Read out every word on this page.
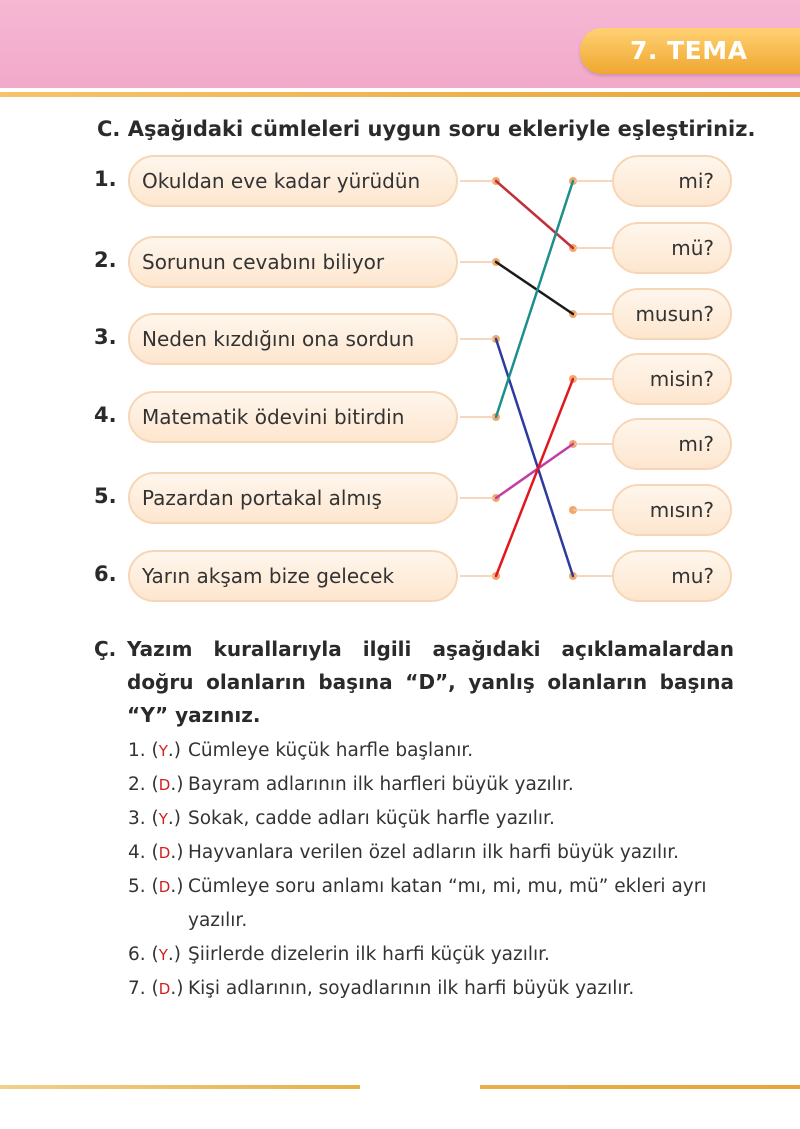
7. TEMA
C. Aşağıdaki cümleleri uygun soru ekleriyle eşleştiriniz.
1.	Okuldan eve kadar yürüdün
2.	Sorunun cevabını biliyor
3.	Neden kızdığını ona sordun
4.	Matematik ödevini bitirdin
5.	Pazardan portakal almış
6.	Yarın akşam bize gelecek
mi?
mü?
musun?
misin?
mı?
mısın?
mu?
Ç. Yazım kurallarıyla ilgili aşağıdaki açıklamalardan doğru olanların başına “D”, yanlış olanların başına “Y” yazınız.
1. (Y.) Cümleye küçük harfle başlanır.
2. (D.) Bayram adlarının ilk harfleri büyük yazılır.
3. (Y.) Sokak, cadde adları küçük harfle yazılır.
4. (D.) Hayvanlara verilen özel adların ilk harfi büyük yazılır.
5. (D.) Cümleye soru anlamı katan “mı, mi, mu, mü” ekleri ayrı yazılır.
6. (Y.) Şiirlerde dizelerin ilk harfi küçük yazılır.
7. (D.) Kişi adlarının, soyadlarının ilk harfi büyük yazılır.
